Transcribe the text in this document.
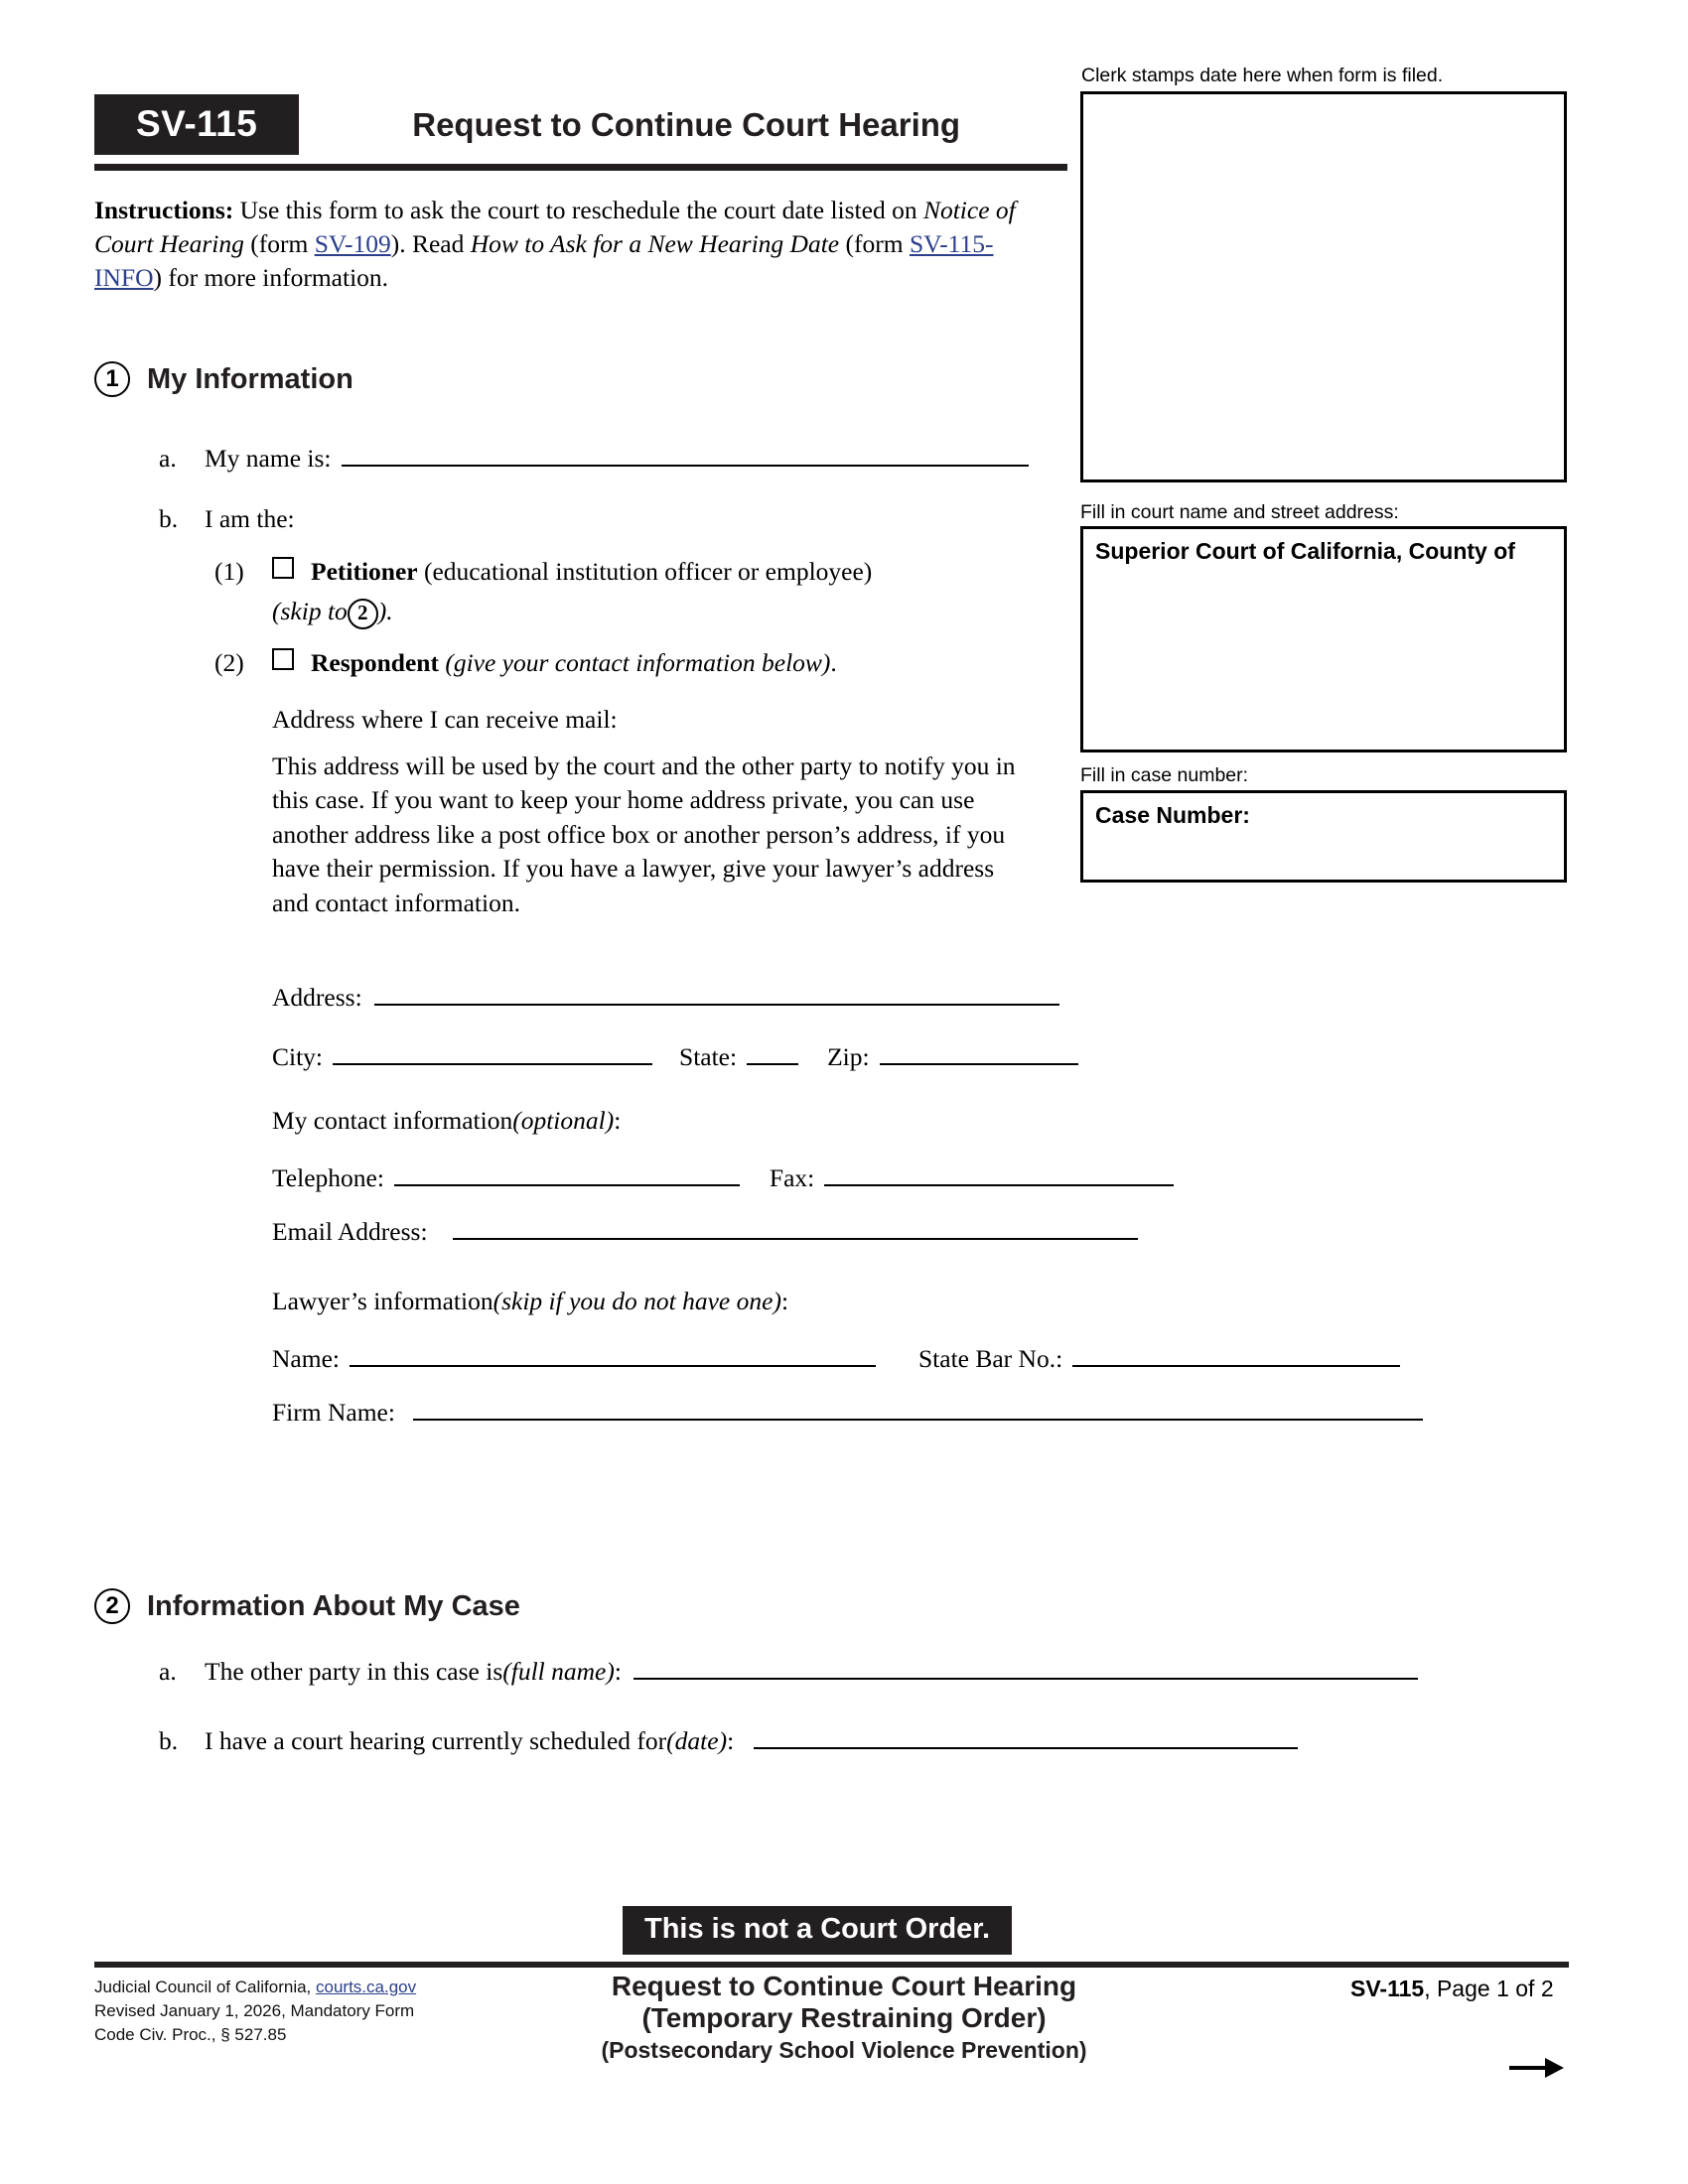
SV-115	Request to Continue Court Hearing
Instructions: Use this form to ask the court to reschedule the court date listed on Notice of Court Hearing (form SV-109). Read How to Ask for a New Hearing Date (form SV-115-INFO) for more information.
Clerk stamps date here when form is filed.
Fill in court name and street address:
Superior Court of California, County of
Fill in case number:
Case Number:
1 My Information
a.	My name is:
I am the:
b.
(1)	Petitioner (educational institution officer or employee)
(skip to 2 ).
(2)	Respondent (give your contact information below).
Address where I can receive mail:
This address will be used by the court and the other party to notify you in this case. If you want to keep your home address private, you can use another address like a post office box or another person’s address, if you have their permission. If you have a lawyer, give your lawyer’s address and contact information.
Address:
City:	State:	Zip:
My contact information (optional) :
Telephone:	Fax:
Email Address:
Lawyer’s information (skip if you do not have one) :
Name:	State Bar No.:
Firm Name:
2 Information About My Case
a.	The other party in this case is (full name) :
b.	I have a court hearing currently scheduled for (date) :
This is not a Court Order.
Judicial Council of California, courts.ca.gov
Revised January 1, 2026, Mandatory Form
Code Civ. Proc., § 527.85
Request to Continue Court Hearing
(Temporary Restraining Order)
(Postsecondary School Violence Prevention)
SV-115, Page 1 of 2
